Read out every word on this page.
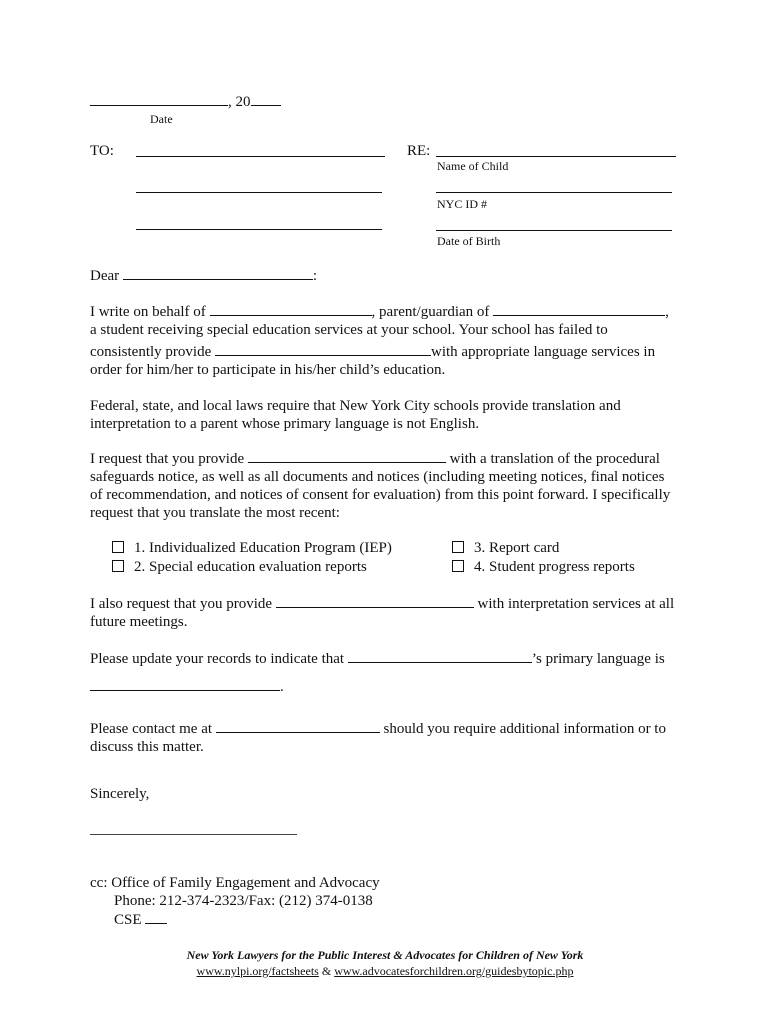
, 20
Date
TO:	RE:
Name of Child
NYC ID #
Date of Birth
Dear	:
I write on behalf of	, parent/guardian of	,
a student receiving special education services at your school. Your school has failed to
consistently provide	with appropriate language services in
order for him/her to participate in his/her child’s education.
Federal, state, and local laws require that New York City schools provide translation and
interpretation to a parent whose primary language is not English.
I request that you provide	with a translation of the procedural
safeguards notice, as well as all documents and notices (including meeting notices, final notices
of recommendation, and notices of consent for evaluation) from this point forward. I specifically
request that you translate the most recent:
1. Individualized Education Program (IEP)
2. Special education evaluation reports
3. Report card
4. Student progress reports
I also request that you provide	with interpretation services at all
future meetings.
Please update your records to indicate that	’s primary language is
.
Please contact me at	should you require additional information or to
discuss this matter.
Sincerely,
cc: Office of Family Engagement and Advocacy
Phone: 212-374-2323/Fax: (212) 374-0138
CSE
New York Lawyers for the Public Interest & Advocates for Children of New York
www.nylpi.org/factsheets & www.advocatesforchildren.org/guidesbytopic.php
